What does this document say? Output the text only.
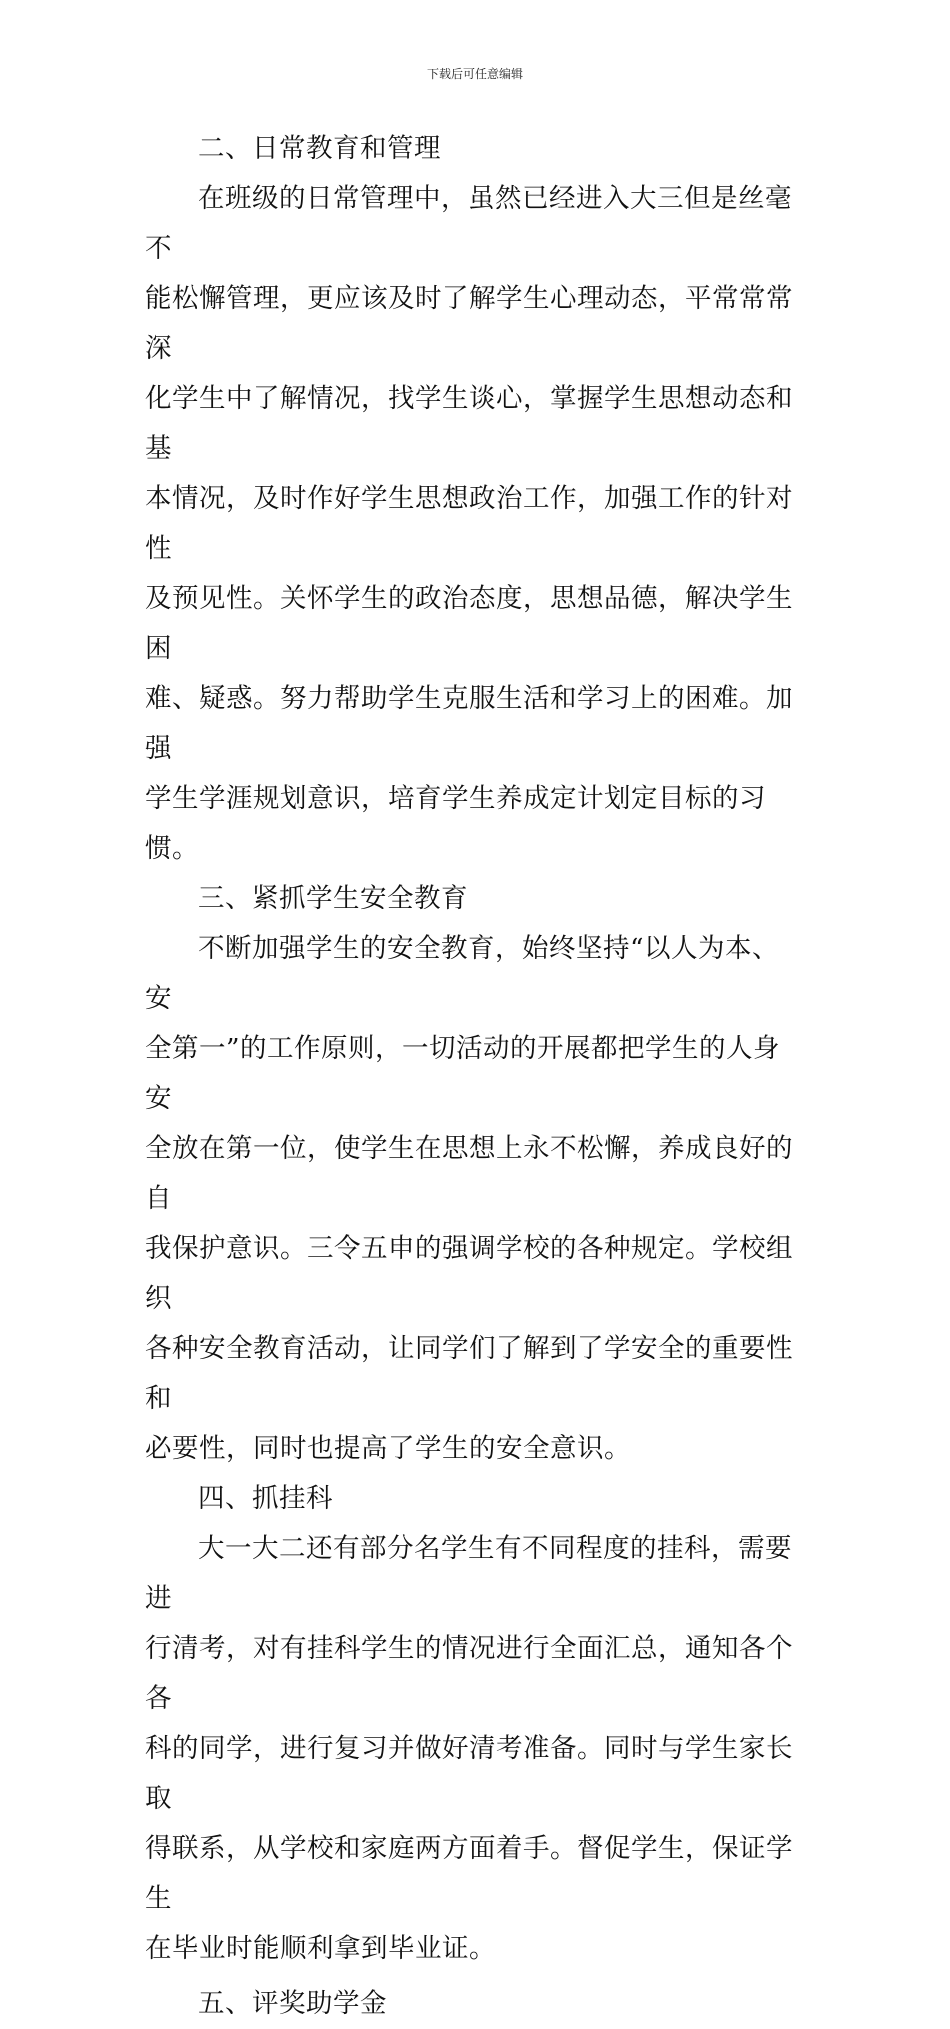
下载后可任意编辑

二、日常教育和管理

在班级的日常管理中，虽然已经进入大三但是丝毫不
能松懈管理，更应该及时了解学生心理动态，平常常常深
化学生中了解情况，找学生谈心，掌握学生思想动态和基
本情况，及时作好学生思想政治工作，加强工作的针对性
及预见性。关怀学生的政治态度，思想品德，解决学生困
难、疑惑。努力帮助学生克服生活和学习上的困难。加强
学生学涯规划意识，培育学生养成定计划定目标的习惯。

三、紧抓学生安全教育

不断加强学生的安全教育，始终坚持“以人为本、安
全第一”的工作原则，一切活动的开展都把学生的人身安
全放在第一位，使学生在思想上永不松懈，养成良好的自
我保护意识。三令五申的强调学校的各种规定。学校组织
各种安全教育活动，让同学们了解到了学安全的重要性和
必要性，同时也提高了学生的安全意识。

四、抓挂科

大一大二还有部分名学生有不同程度的挂科，需要进
行清考，对有挂科学生的情况进行全面汇总，通知各个各
科的同学，进行复习并做好清考准备。同时与学生家长取
得联系，从学校和家庭两方面着手。督促学生，保证学生
在毕业时能顺利拿到毕业证。

五、评奖助学金
